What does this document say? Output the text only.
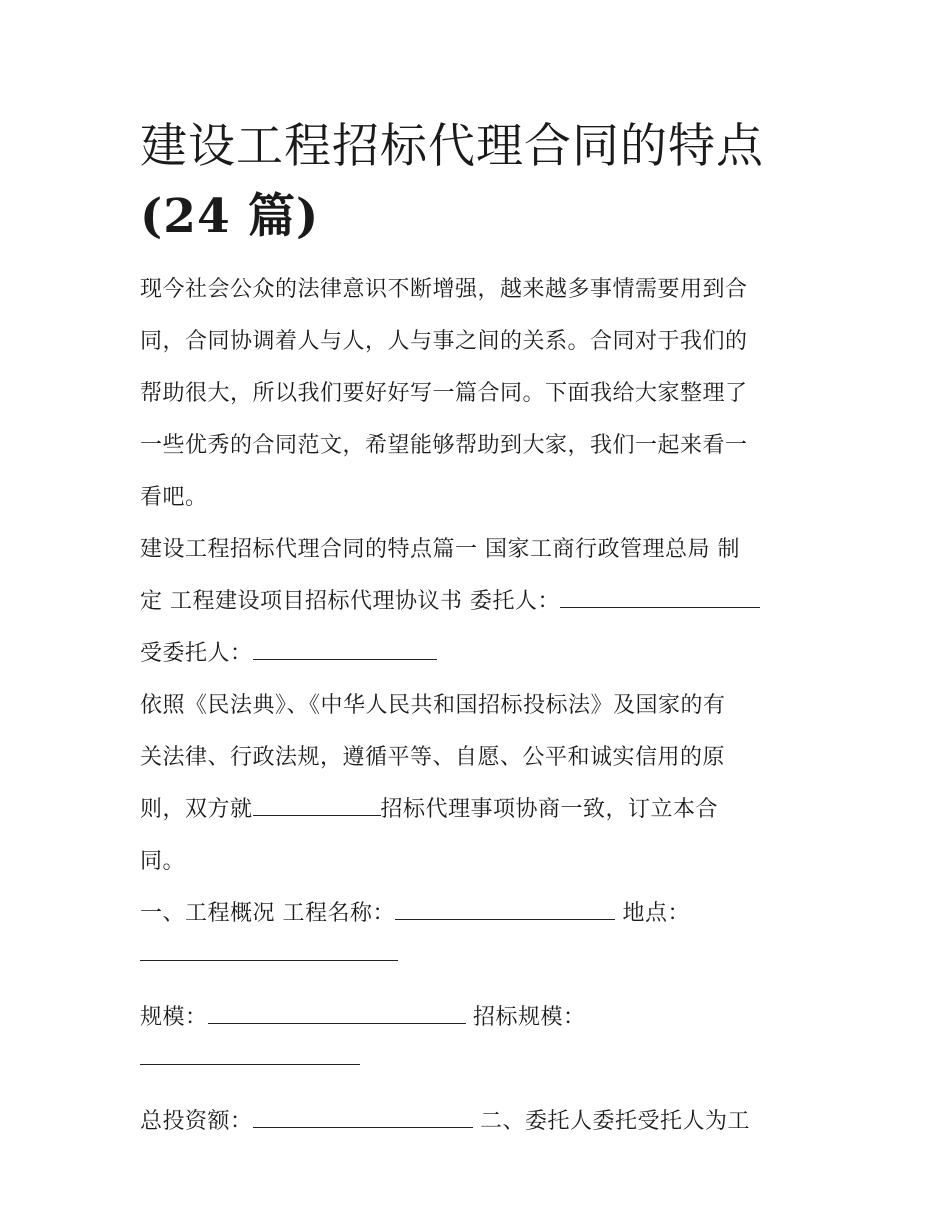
建设工程招标代理合同的特点
(24 篇)

现今社会公众的法律意识不断增强，越来越多事情需要用到合
同，合同协调着人与人，人与事之间的关系。合同对于我们的
帮助很大，所以我们要好好写一篇合同。下面我给大家整理了
一些优秀的合同范文，希望能够帮助到大家，我们一起来看一
看吧。

建设工程招标代理合同的特点篇一 国家工商行政管理总局 制
定 工程建设项目招标代理协议书 委托人：
受委托人：

依照《民法典》、《中华人民共和国招标投标法》及国家的有
关法律、行政法规，遵循平等、自愿、公平和诚实信用的原
则，双方就	招标代理事项协商一致，订立本合
同。

一、工程概况 工程名称：	地点：

规模：	招标规模：

总投资额：	二、委托人委托受托人为工
